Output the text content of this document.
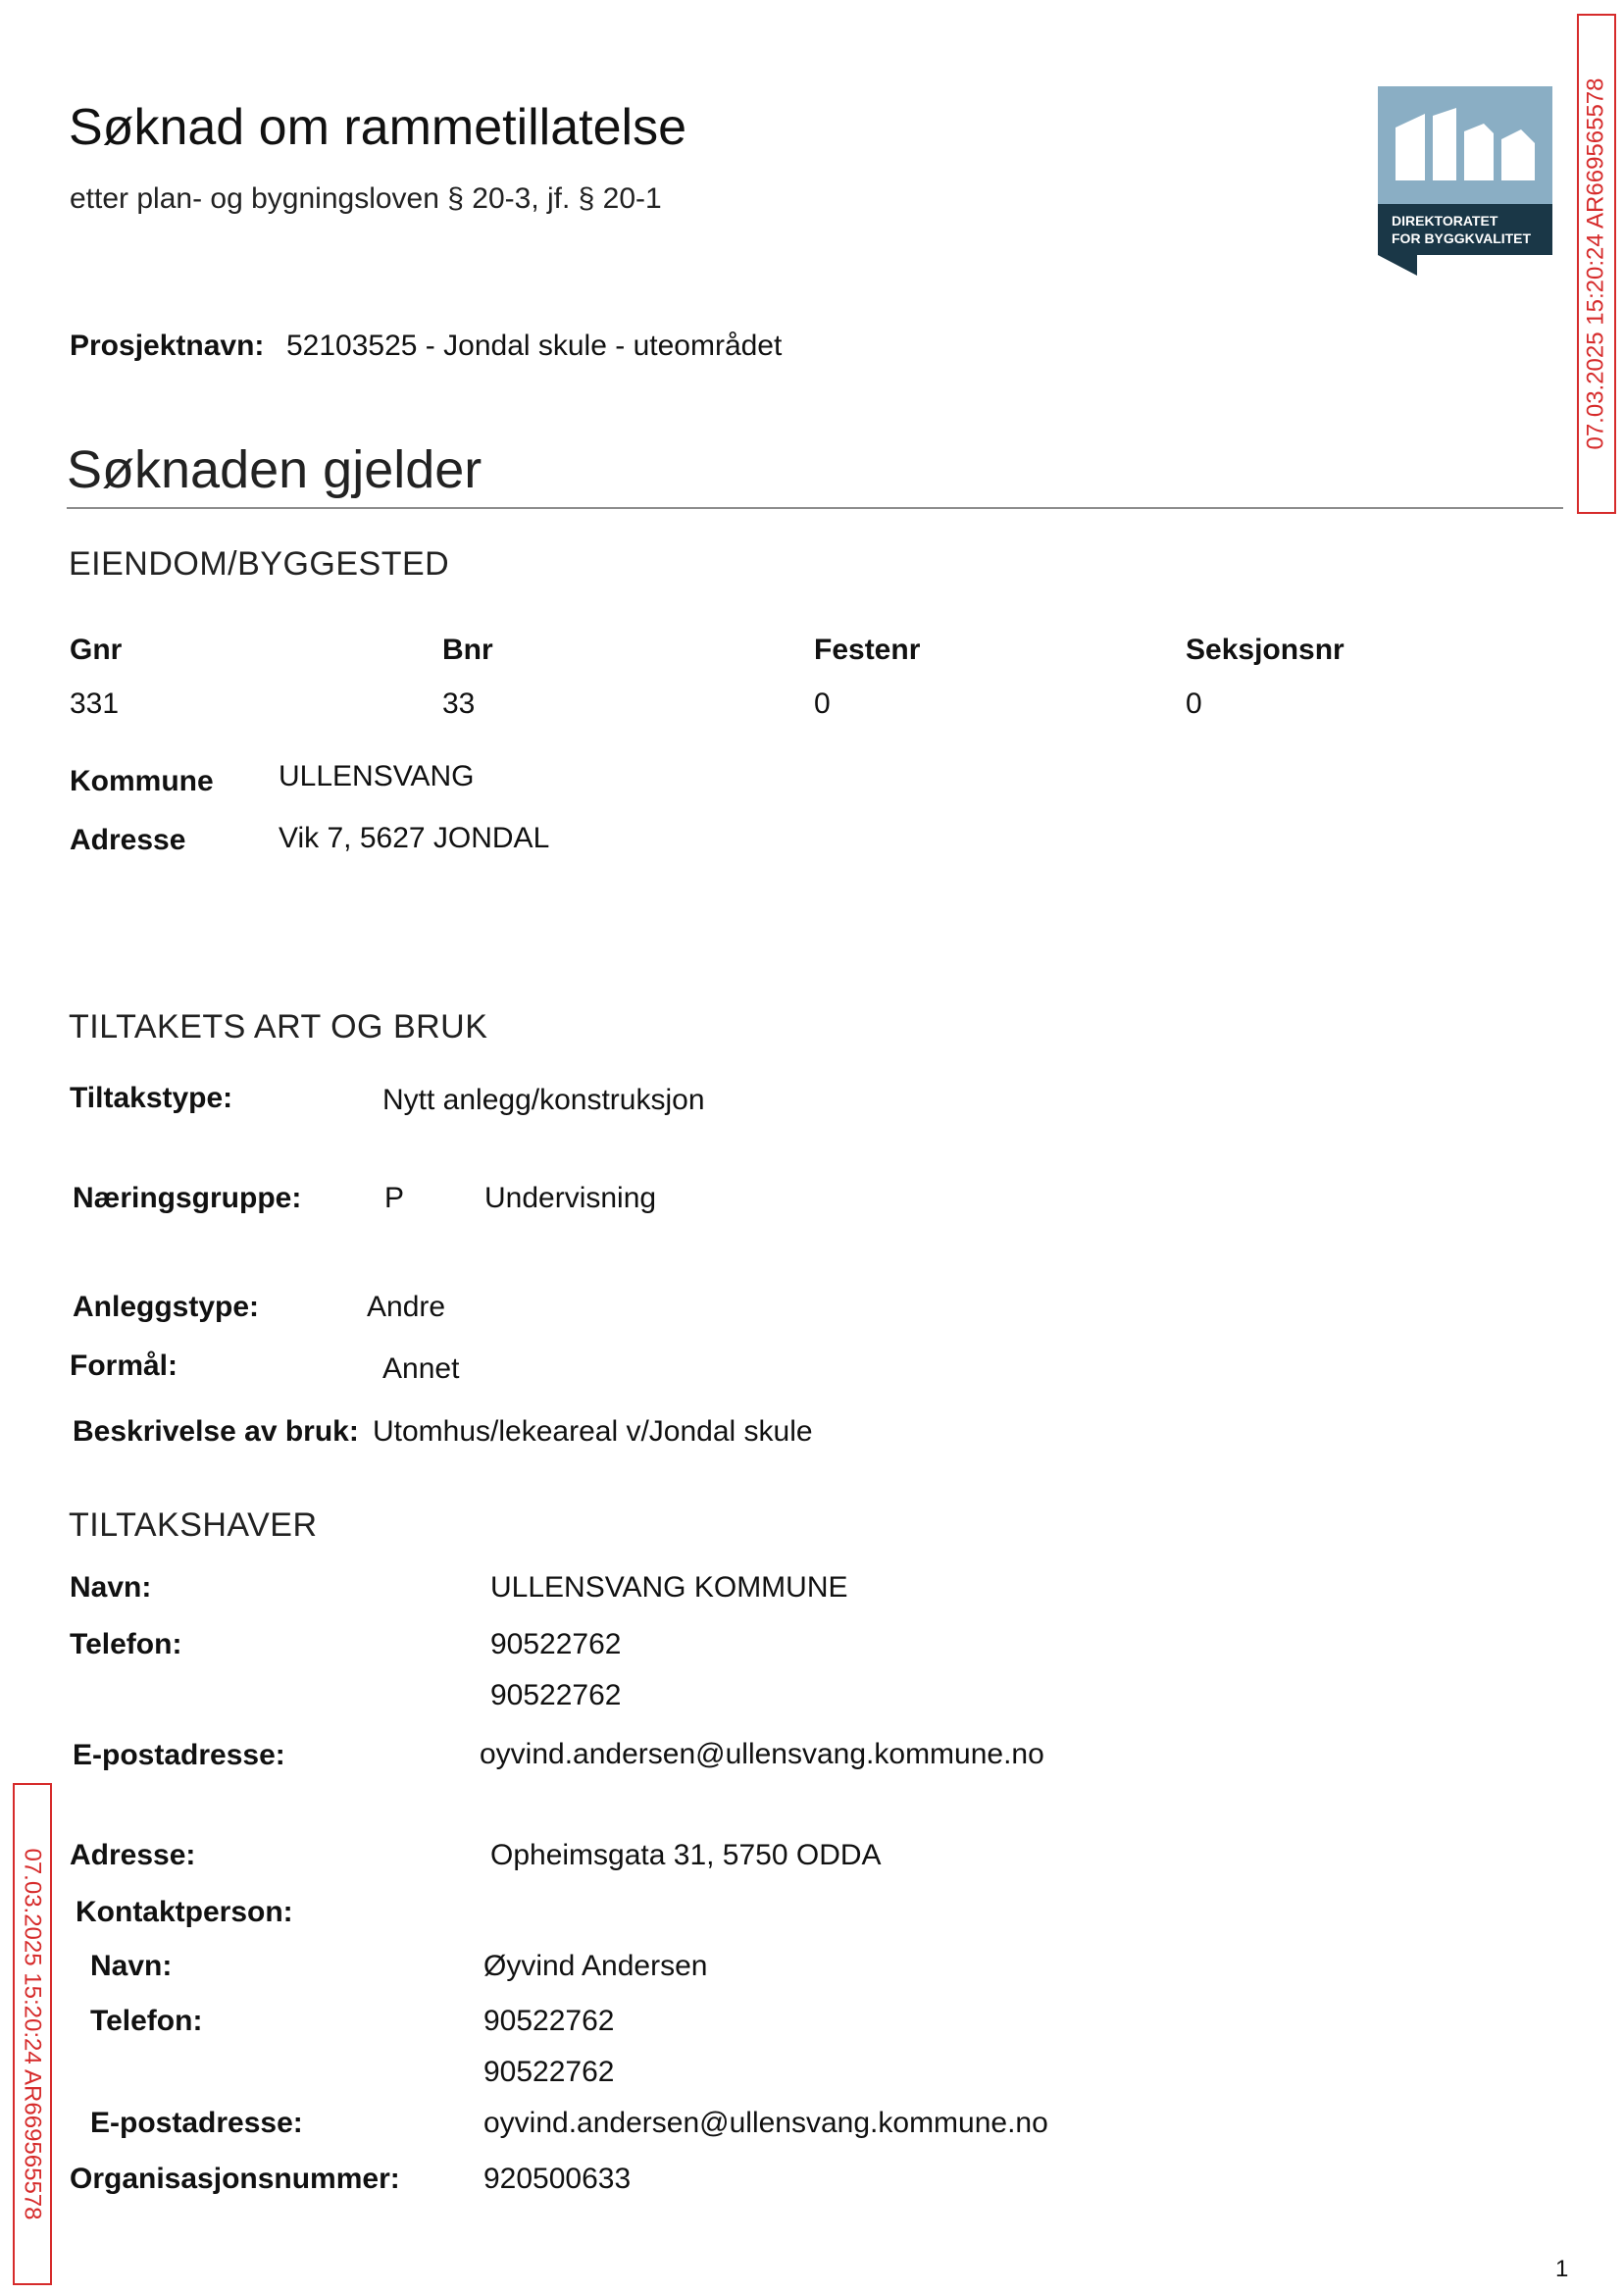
Søknad om rammetillatelse
etter plan- og bygningsloven § 20-3, jf. § 20-1
DIREKTORATET
FOR BYGGKVALITET
Prosjektnavn: 52103525 - Jondal skule - uteområdet
Søknaden gjelder
EIENDOM/BYGGESTED
Gnr	Bnr	Festenr	Seksjonsnr
331	33	0	0
Kommune ULLENSVANG
Adresse	Vik 7, 5627 JONDAL
TILTAKETS ART OG BRUK
Tiltakstype:	Nytt anlegg/konstruksjon
Næringsgruppe:	P	Undervisning
Anleggstype:	Andre
Formål:	Annet
Beskrivelse av bruk: Utomhus/lekeareal v/Jondal skule
TILTAKSHAVER
Navn:	ULLENSVANG KOMMUNE
Telefon:	90522762
90522762
E-postadresse:	oyvind.andersen@ullensvang.kommune.no
Adresse:	Opheimsgata 31, 5750 ODDA
Kontaktperson:
Navn:	Øyvind Andersen
Telefon:	90522762
90522762
E-postadresse:	oyvind.andersen@ullensvang.kommune.no
Organisasjonsnummer:	920500633
07.03.2025 15:20:24 AR669565578
07.03.2025 15:20:24 AR669565578
1
